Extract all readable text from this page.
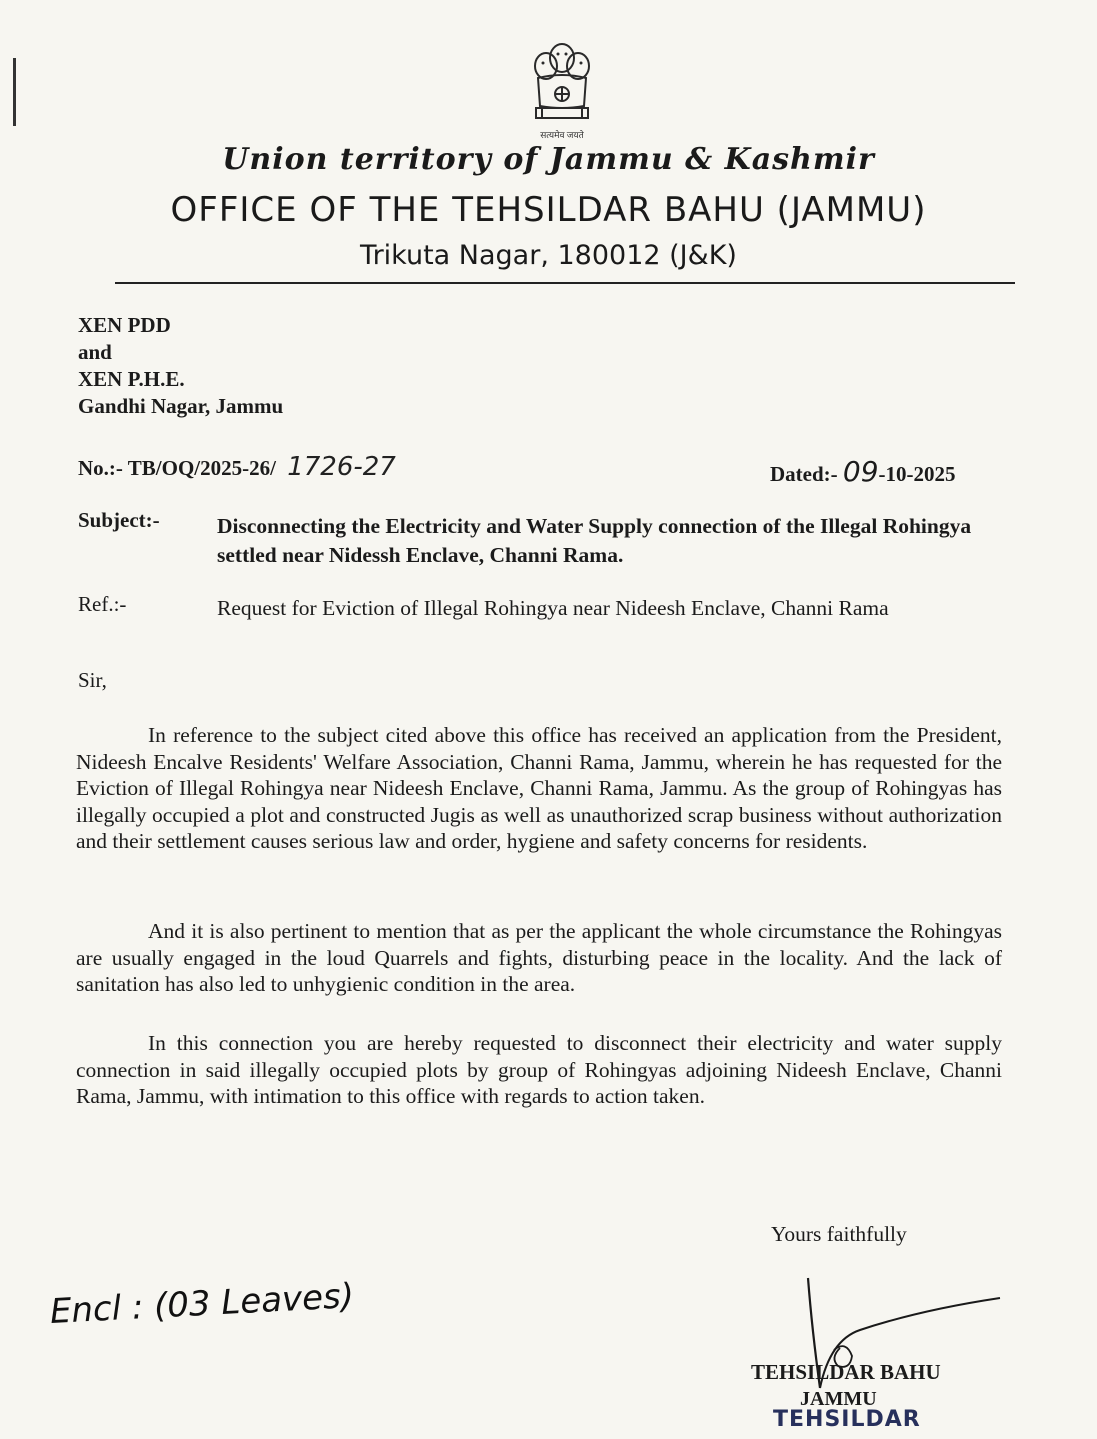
सत्यमेव जयते
Union territory of Jammu & Kashmir
OFFICE OF THE TEHSILDAR BAHU (JAMMU)
Trikuta Nagar, 180012 (J&K)
XEN PDD
and
XEN P.H.E.
Gandhi Nagar, Jammu
No.:- TB/OQ/2025-26/ 1726-27	Dated:- 09-10-2025
Subject:-	Disconnecting the Electricity and Water Supply connection of the Illegal Rohingya settled near Nidessh Enclave, Channi Rama.
Ref.:-	Request for Eviction of Illegal Rohingya near Nideesh Enclave, Channi Rama
Sir,
In reference to the subject cited above this office has received an application from the President, Nideesh Encalve Residents' Welfare Association, Channi Rama, Jammu, wherein he has requested for the Eviction of Illegal Rohingya near Nideesh Enclave, Channi Rama, Jammu. As the group of Rohingyas has illegally occupied a plot and constructed Jugis as well as unauthorized scrap business without authorization and their settlement causes serious law and order, hygiene and safety concerns for residents.
And it is also pertinent to mention that as per the applicant the whole circumstance the Rohingyas are usually engaged in the loud Quarrels and fights, disturbing peace in the locality. And the lack of sanitation has also led to unhygienic condition in the area.
In this connection you are hereby requested to disconnect their electricity and water supply connection in said illegally occupied plots by group of Rohingyas adjoining Nideesh Enclave, Channi Rama, Jammu, with intimation to this office with regards to action taken.
Yours faithfully
Encl : (03 Leaves)
TEHSILDAR BAHU
JAMMU
TEHSILDAR
